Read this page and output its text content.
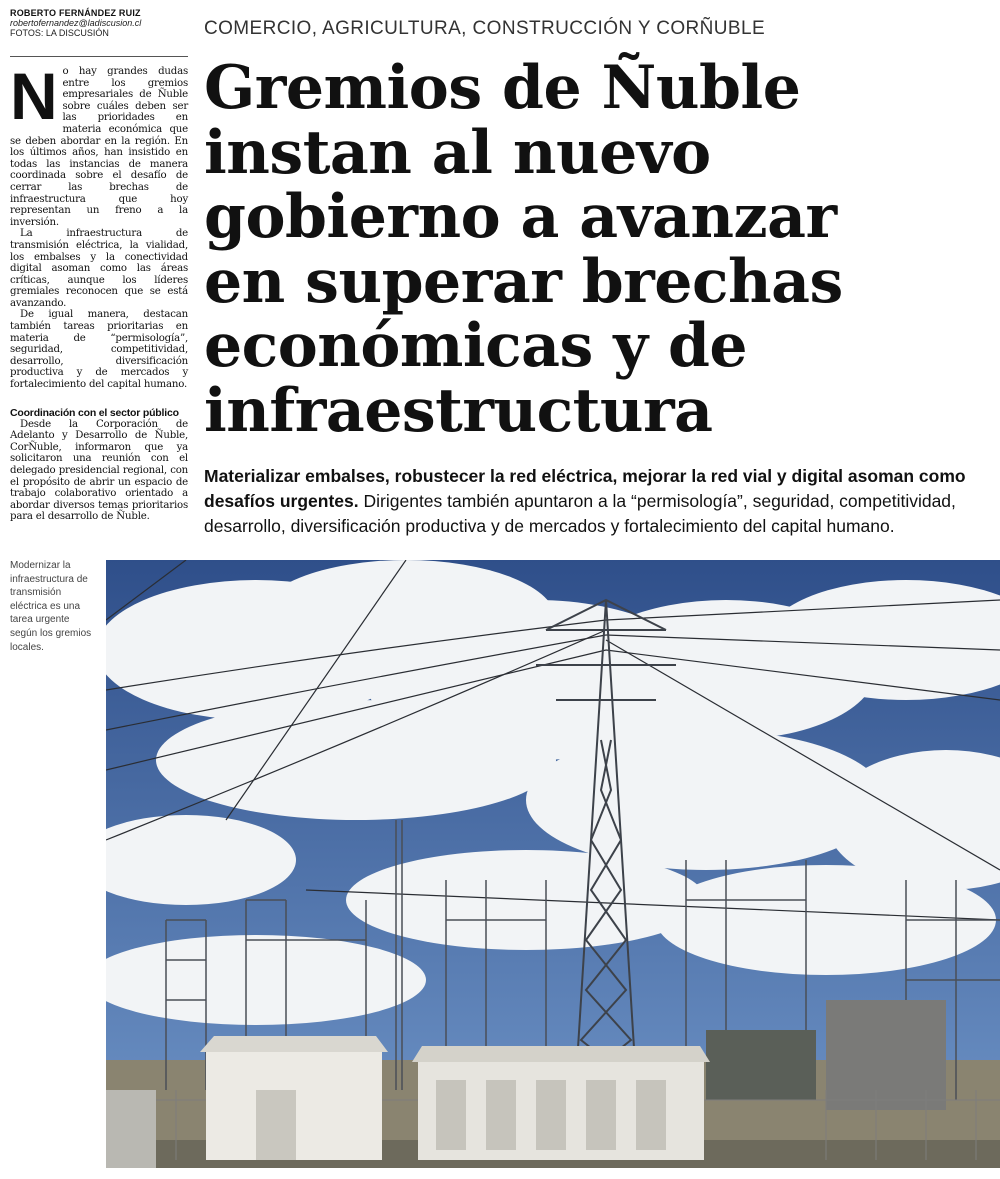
ROBERTO FERNÁNDEZ RUIZ
robertofernandez@ladiscusion.cl
FOTOS: LA DISCUSIÓN	COMERCIO, AGRICULTURA, CONSTRUCCIÓN Y CORÑUBLE
Gremios de Ñuble
instan al nuevo
gobierno a avanzar
en superar brechas
económicas y de
infraestructura

Materializar embalses, robustecer la red eléctrica, mejorar la red vial y digital asoman como desafíos urgentes. Dirigentes también apuntaron a la “permisología”, seguridad, competitividad, desarrollo, diversificación productiva y de mercados y fortalecimiento del capital humano.

No hay grandes dudas entre los gremios empresariales de Ñuble sobre cuáles deben ser las prioridades en materia económica que se deben abordar en la región. En los últimos años, han insistido en todas las instancias de manera coordinada sobre el desafío de cerrar las brechas de infraestructura que hoy representan un freno a la inversión.

La infraestructura de transmisión eléctrica, la vialidad, los embalses y la conectividad digital asoman como las áreas críticas, aunque los líderes gremiales reconocen que se está avanzando.

De igual manera, destacan también tareas prioritarias en materia de “permisología”, seguridad, competitividad, desarrollo, diversificación productiva y de mercados y fortalecimiento del capital humano.

Coordinación con el sector público

Desde la Corporación de Adelanto y Desarrollo de Ñuble, CorÑuble, informaron que ya solicitaron una reunión con el delegado presidencial regional, con el propósito de abrir un espacio de trabajo colaborativo orientado a abordar diversos temas prioritarios para el desarrollo de Ñuble.

Modernizar la infraestructura de transmisión eléctrica es una tarea urgente según los gremios locales.
